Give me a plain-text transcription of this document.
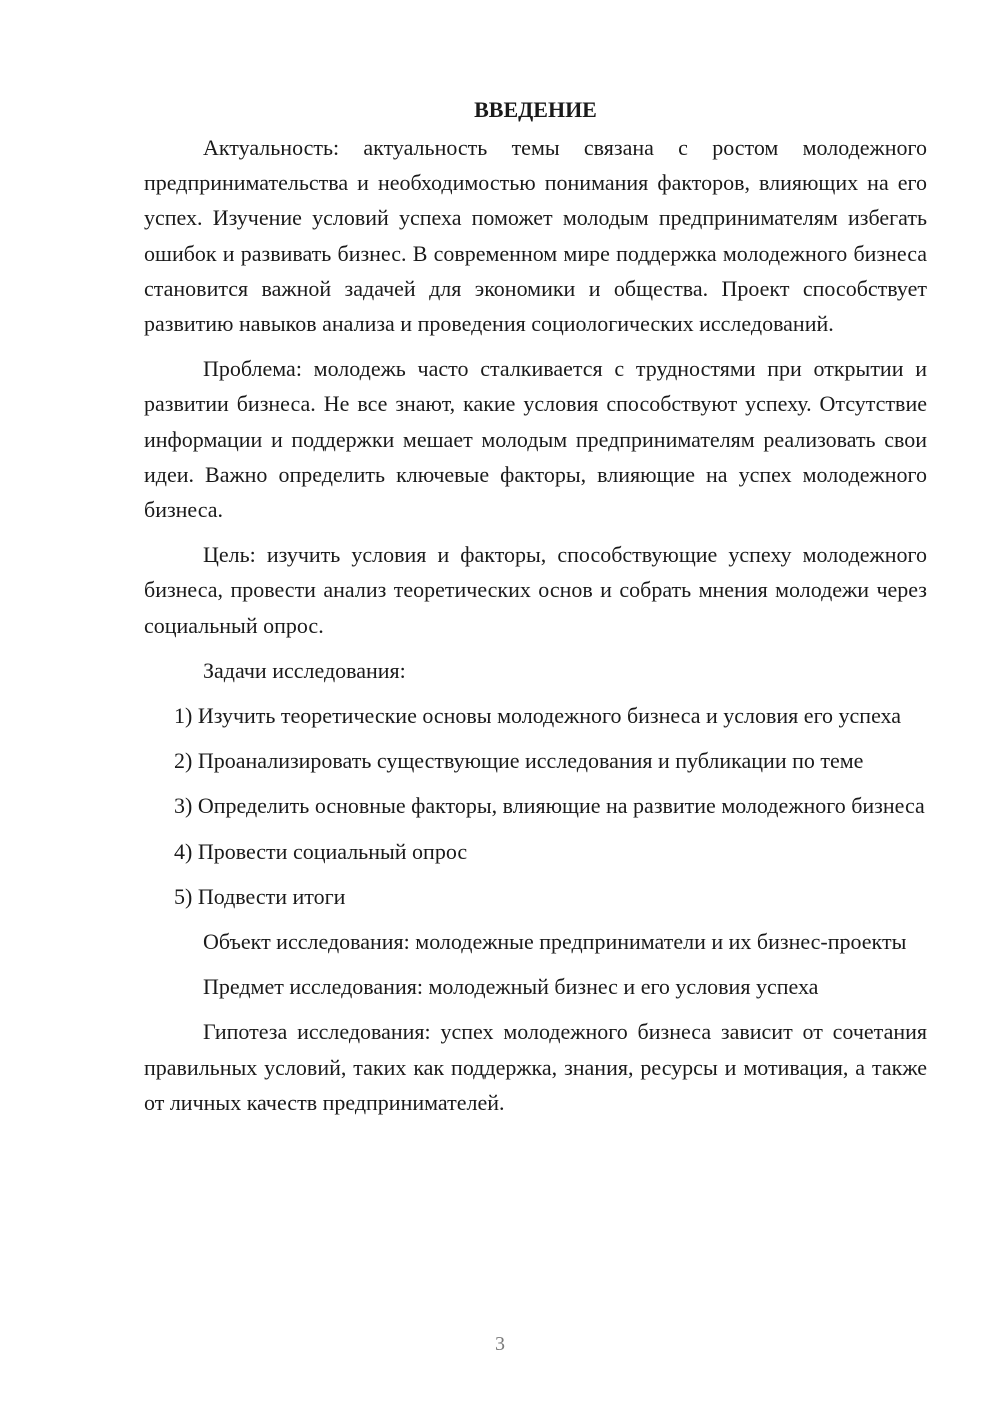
ВВЕДЕНИЕ

Актуальность: актуальность темы связана с ростом молодежного предпринимательства и необходимостью понимания факторов, влияющих на его успех. Изучение условий успеха поможет молодым предпринимателям избегать ошибок и развивать бизнес. В современном мире поддержка молодежного бизнеса становится важной задачей для экономики и общества. Проект способствует развитию навыков анализа и проведения социологических исследований.

Проблема: молодежь часто сталкивается с трудностями при открытии и развитии бизнеса. Не все знают, какие условия способствуют успеху. Отсутствие информации и поддержки мешает молодым предпринимателям реализовать свои идеи. Важно определить ключевые факторы, влияющие на успех молодежного бизнеса.

Цель: изучить условия и факторы, способствующие успеху молодежного бизнеса, провести анализ теоретических основ и собрать мнения молодежи через социальный опрос.

Задачи исследования:

1) Изучить теоретические основы молодежного бизнеса и условия его успеха

2) Проанализировать существующие исследования и публикации по теме

3) Определить основные факторы, влияющие на развитие молодежного бизнеса

4) Провести социальный опрос

5) Подвести итоги

Объект исследования: молодежные предприниматели и их бизнес-проекты

Предмет исследования: молодежный бизнес и его условия успеха

Гипотеза исследования: успех молодежного бизнеса зависит от сочетания правильных условий, таких как поддержка, знания, ресурсы и мотивация, а также от личных качеств предпринимателей.

3
